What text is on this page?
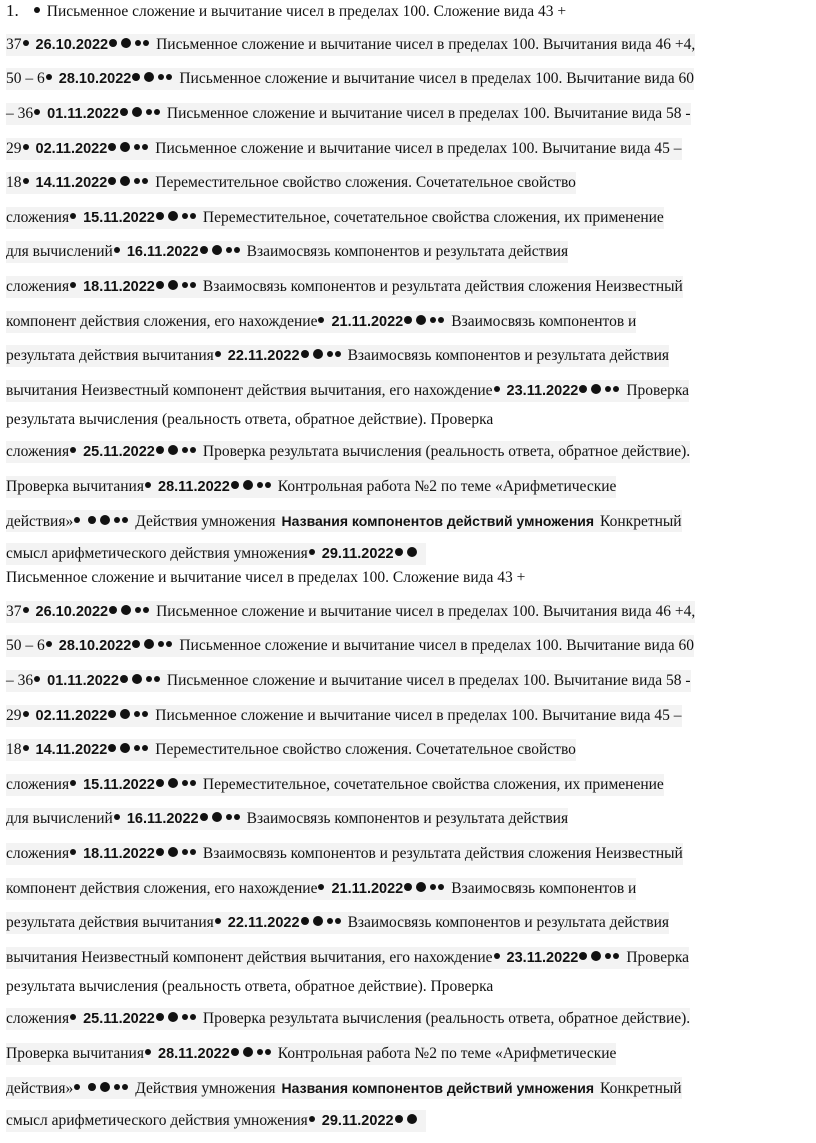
1. Письменное сложение и вычитание чисел в пределах 100. Сложение вида 43 +
37 26.10.2022	Письменное сложение и вычитание чисел в пределах 100. Вычитания вида 46 +4,
50 – 6 28.10.2022	Письменное сложение и вычитание чисел в пределах 100. Вычитание вида 60
– 36 01.11.2022	Письменное сложение и вычитание чисел в пределах 100. Вычитание вида 58 -
29 02.11.2022	Письменное сложение и вычитание чисел в пределах 100. Вычитание вида 45 –
18 14.11.2022	Переместительное свойство сложения. Сочетательное свойство
сложения 15.11.2022	Переместительное, сочетательное свойства сложения, их применение
для вычислений 16.11.2022	Взаимосвязь компонентов и результата действия
сложения 18.11.2022	Взаимосвязь компонентов и результата действия сложения Неизвестный
компонент действия сложения, его нахождение 21.11.2022	Взаимосвязь компонентов и
результата действия вычитания 22.11.2022	Взаимосвязь компонентов и результата действия
вычитания Неизвестный компонент действия вычитания, его нахождение 23.11.2022	Проверка
результата вычисления (реальность ответа, обратное действие). Проверка
сложения 25.11.2022	Проверка результата вычисления (реальность ответа, обратное действие).
Проверка вычитания 28.11.2022	Контрольная работа №2 по теме «Арифметические
действия»	Действия умножения Названия компонентов действий умножения Конкретный
смысл арифметического действия умножения 29.11.2022
Письменное сложение и вычитание чисел в пределах 100. Сложение вида 43 +
37 26.10.2022	Письменное сложение и вычитание чисел в пределах 100. Вычитания вида 46 +4,
50 – 6 28.10.2022	Письменное сложение и вычитание чисел в пределах 100. Вычитание вида 60
– 36 01.11.2022	Письменное сложение и вычитание чисел в пределах 100. Вычитание вида 58 -
29 02.11.2022	Письменное сложение и вычитание чисел в пределах 100. Вычитание вида 45 –
18 14.11.2022	Переместительное свойство сложения. Сочетательное свойство
сложения 15.11.2022	Переместительное, сочетательное свойства сложения, их применение
для вычислений 16.11.2022	Взаимосвязь компонентов и результата действия
сложения 18.11.2022	Взаимосвязь компонентов и результата действия сложения Неизвестный
компонент действия сложения, его нахождение 21.11.2022	Взаимосвязь компонентов и
результата действия вычитания 22.11.2022	Взаимосвязь компонентов и результата действия
вычитания Неизвестный компонент действия вычитания, его нахождение 23.11.2022	Проверка
результата вычисления (реальность ответа, обратное действие). Проверка
сложения 25.11.2022	Проверка результата вычисления (реальность ответа, обратное действие).
Проверка вычитания 28.11.2022	Контрольная работа №2 по теме «Арифметические
действия»	Действия умножения Названия компонентов действий умножения Конкретный
смысл арифметического действия умножения 29.11.2022
